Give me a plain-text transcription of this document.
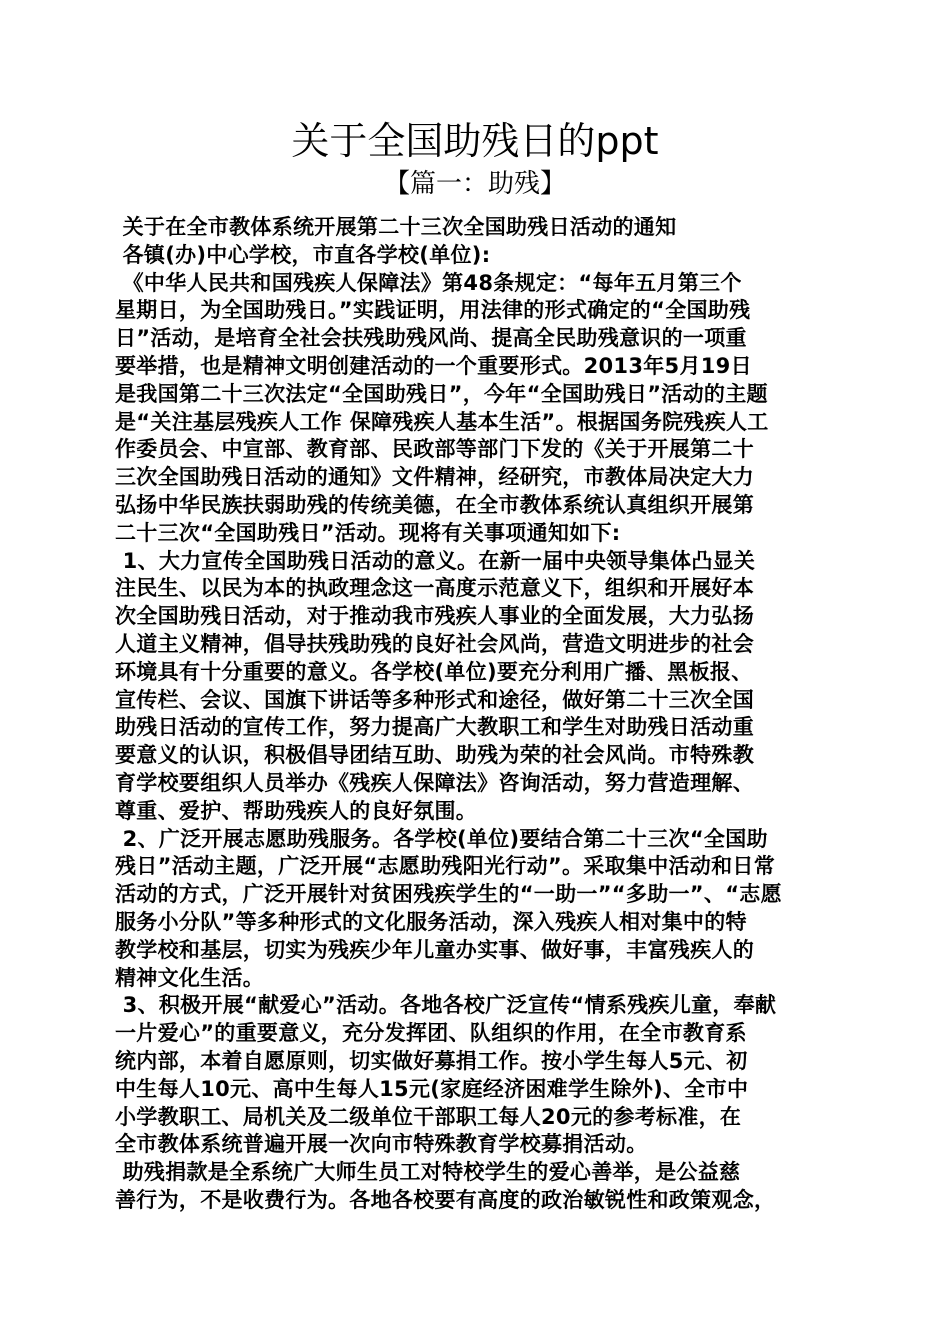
关于全国助残日的ppt
【篇一：助残】
关于在全市教体系统开展第二十三次全国助残日活动的通知
各镇(办)中心学校，市直各学校(单位):
《中华人民共和国残疾人保障法》第48条规定：“每年五月第三个
星期日，为全国助残日。”实践证明，用法律的形式确定的“全国助残
日”活动，是培育全社会扶残助残风尚、提高全民助残意识的一项重
要举措，也是精神文明创建活动的一个重要形式。2013年5月19日
是我国第二十三次法定“全国助残日”，今年“全国助残日”活动的主题
是“关注基层残疾人工作 保障残疾人基本生活”。根据国务院残疾人工
作委员会、中宣部、教育部、民政部等部门下发的《关于开展第二十
三次全国助残日活动的通知》文件精神，经研究，市教体局决定大力
弘扬中华民族扶弱助残的传统美德，在全市教体系统认真组织开展第
二十三次“全国助残日”活动。现将有关事项通知如下:
1、大力宣传全国助残日活动的意义。在新一届中央领导集体凸显关
注民生、以民为本的执政理念这一高度示范意义下，组织和开展好本
次全国助残日活动，对于推动我市残疾人事业的全面发展，大力弘扬
人道主义精神，倡导扶残助残的良好社会风尚，营造文明进步的社会
环境具有十分重要的意义。各学校(单位)要充分利用广播、黑板报、
宣传栏、会议、国旗下讲话等多种形式和途径，做好第二十三次全国
助残日活动的宣传工作，努力提高广大教职工和学生对助残日活动重
要意义的认识，积极倡导团结互助、助残为荣的社会风尚。市特殊教
育学校要组织人员举办《残疾人保障法》咨询活动，努力营造理解、
尊重、爱护、帮助残疾人的良好氛围。
2、广泛开展志愿助残服务。各学校(单位)要结合第二十三次“全国助
残日”活动主题，广泛开展“志愿助残阳光行动”。采取集中活动和日常
活动的方式，广泛开展针对贫困残疾学生的“一助一”“多助一”、“志愿
服务小分队”等多种形式的文化服务活动，深入残疾人相对集中的特
教学校和基层，切实为残疾少年儿童办实事、做好事，丰富残疾人的
精神文化生活。
3、积极开展“献爱心”活动。各地各校广泛宣传“情系残疾儿童，奉献
一片爱心”的重要意义，充分发挥团、队组织的作用，在全市教育系
统内部，本着自愿原则，切实做好募捐工作。按小学生每人5元、初
中生每人10元、高中生每人15元(家庭经济困难学生除外)、全市中
小学教职工、局机关及二级单位干部职工每人20元的参考标准，在
全市教体系统普遍开展一次向市特殊教育学校募捐活动。
助残捐款是全系统广大师生员工对特校学生的爱心善举，是公益慈
善行为，不是收费行为。各地各校要有高度的政治敏锐性和政策观念，
